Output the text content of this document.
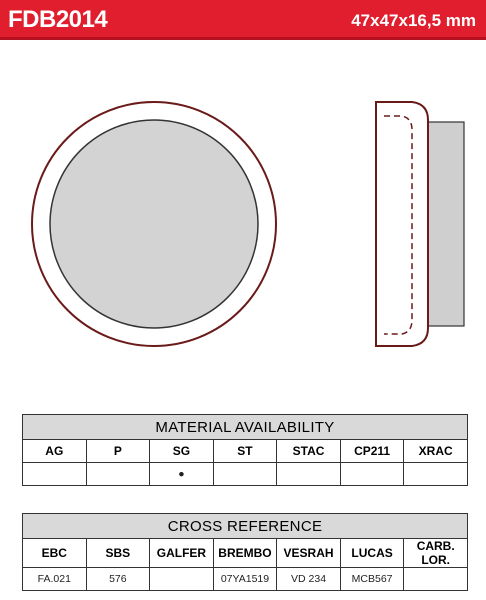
FDB2014	47x47x16,5 mm
MATERIAL AVAILABILITY						
AG	P	SG	ST	STAC	CP211	XRAC
		●				
CROSS REFERENCE						
EBC	SBS	GALFER	BREMBO	VESRAH	LUCAS	CARB. LOR.
FA.021	576		07YA1519	VD 234	MCB567	
